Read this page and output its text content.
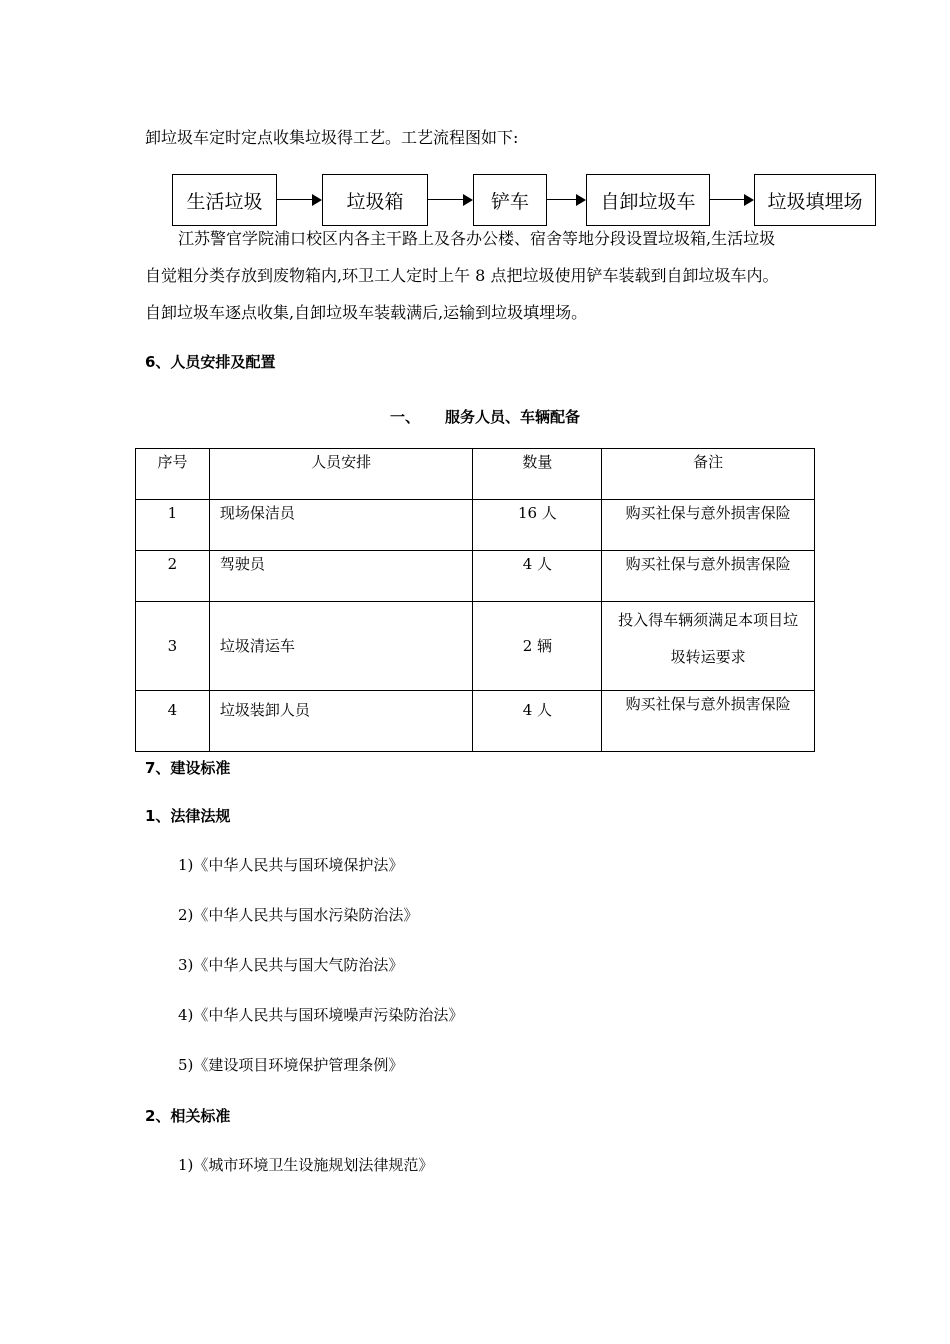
卸垃圾车定时定点收集垃圾得工艺。工艺流程图如下:
生活垃圾	垃圾箱	铲车	自卸垃圾车	垃圾填埋场
江苏警官学院浦口校区内各主干路上及各办公楼、宿舍等地分段设置垃圾箱,生活垃圾
自觉粗分类存放到废物箱内,环卫工人定时上午 8 点把垃圾使用铲车装载到自卸垃圾车内。
自卸垃圾车逐点收集,自卸垃圾车装载满后,运输到垃圾填埋场。
6、人员安排及配置
一、 服务人员、车辆配备
序号	人员安排	数量	备注
1	现场保洁员	16 人	购买社保与意外损害保险
2	驾驶员	4 人	购买社保与意外损害保险
3	垃圾清运车	2 辆	投入得车辆须满足本项目垃圾转运要求
4	垃圾装卸人员	4 人	购买社保与意外损害保险
7、建设标准
1、法律法规
1)《中华人民共与国环境保护法》
2)《中华人民共与国水污染防治法》
3)《中华人民共与国大气防治法》
4)《中华人民共与国环境噪声污染防治法》
5)《建设项目环境保护管理条例》
2、相关标准
1)《城市环境卫生设施规划法律规范》
